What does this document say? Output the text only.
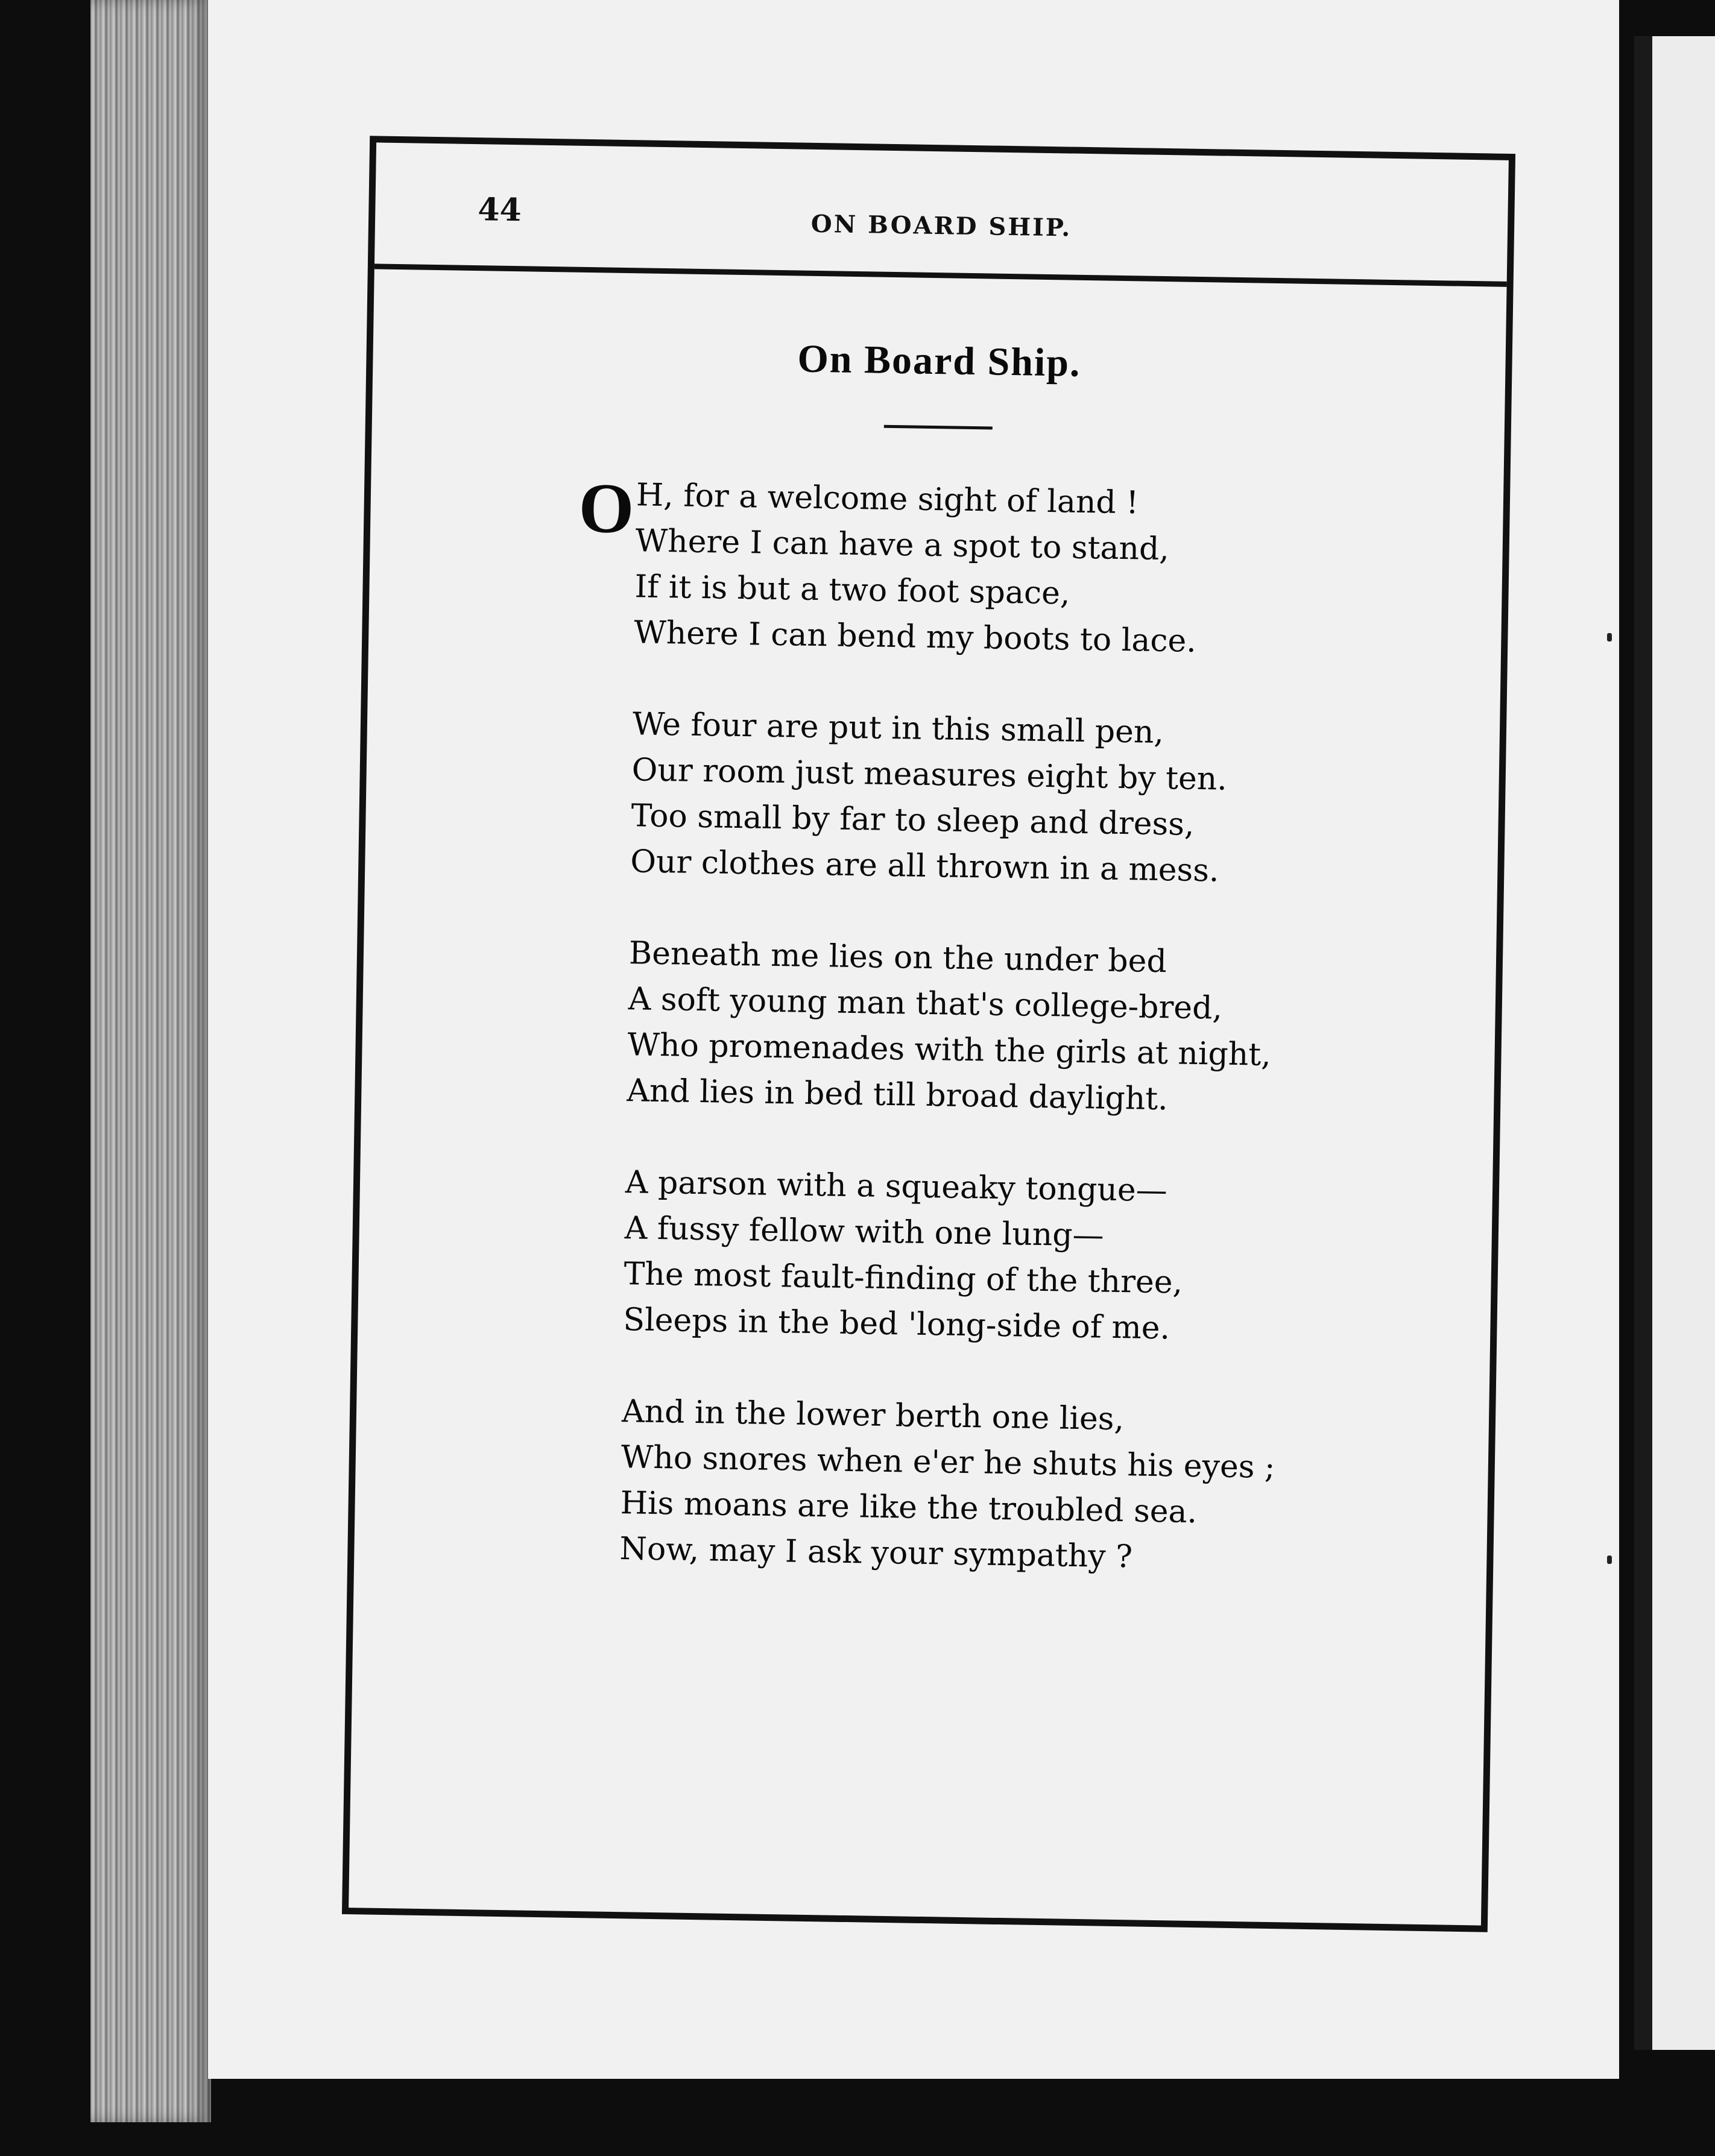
44	ON BOARD SHIP.
On Board Ship.
O H, for a welcome sight of land !
Where I can have a spot to stand,
If it is but a two foot space,
Where I can bend my boots to lace.
We four are put in this small pen,
Our room just measures eight by ten.
Too small by far to sleep and dress,
Our clothes are all thrown in a mess.
Beneath me lies on the under bed
A soft young man that's college-bred,
Who promenades with the girls at night,
And lies in bed till broad daylight.
A parson with a squeaky tongue—
A fussy fellow with one lung—
The most fault-finding of the three,
Sleeps in the bed 'long-side of me.
And in the lower berth one lies,
Who snores when e'er he shuts his eyes ;
His moans are like the troubled sea.
Now, may I ask your sympathy ?
